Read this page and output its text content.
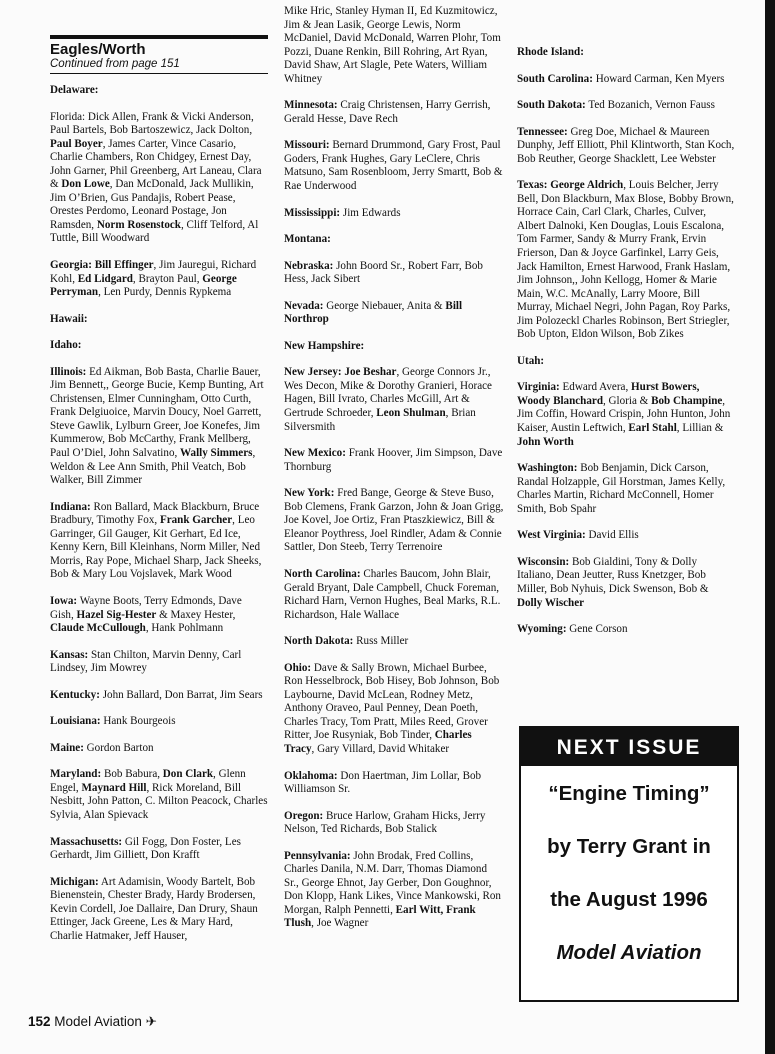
Eagles/Worth
Continued from page 151
Delaware:
Florida: Dick Allen, Frank & Vicki Anderson, Paul Bartels, Bob Bartoszewicz, Jack Dolton, Paul Boyer, James Carter, Vince Casario, Charlie Chambers, Ron Chidgey, Ernest Day, John Garner, Phil Greenberg, Art Laneau, Clara & Don Lowe, Dan McDonald, Jack Mullikin, Jim O’Brien, Gus Pandajis, Robert Pease, Orestes Perdomo, Leonard Postage, Jon Ramsden, Norm Rosenstock, Cliff Telford, Al Tuttle, Bill Woodward
Georgia: Bill Effinger, Jim Jauregui, Richard Kohl, Ed Lidgard, Brayton Paul, George Perryman, Len Purdy, Dennis Rypkema
Hawaii:
Idaho:
Illinois: Ed Aikman, Bob Basta, Charlie Bauer, Jim Bennett,, George Bucie, Kemp Bunting, Art Christensen, Elmer Cunningham, Otto Curth, Frank Delgiuoice, Marvin Doucy, Noel Garrett, Steve Gawlik, Lylburn Greer, Joe Konefes, Jim Kummerow, Bob McCarthy, Frank Mellberg, Paul O’Diel, John Salvatino, Wally Simmers, Weldon & Lee Ann Smith, Phil Veatch, Bob Walker, Bill Zimmer
Indiana: Ron Ballard, Mack Blackburn, Bruce Bradbury, Timothy Fox, Frank Garcher, Leo Garringer, Gil Gauger, Kit Gerhart, Ed Ice, Kenny Kern, Bill Kleinhans, Norm Miller, Ned Morris, Ray Pope, Michael Sharp, Jack Sheeks, Bob & Mary Lou Vojslavek, Mark Wood
Iowa: Wayne Boots, Terry Edmonds, Dave Gish, Hazel Sig-Hester & Maxey Hester, Claude McCullough, Hank Pohlmann
Kansas: Stan Chilton, Marvin Denny, Carl Lindsey, Jim Mowrey
Kentucky: John Ballard, Don Barrat, Jim Sears
Louisiana: Hank Bourgeois
Maine: Gordon Barton
Maryland: Bob Babura, Don Clark, Glenn Engel, Maynard Hill, Rick Moreland, Bill Nesbitt, John Patton, C. Milton Peacock, Charles Sylvia, Alan Spievack
Massachusetts: Gil Fogg, Don Foster, Les Gerhardt, Jim Gilliett, Don Krafft
Michigan: Art Adamisin, Woody Bartelt, Bob Bienenstein, Chester Brady, Hardy Brodersen, Kevin Cordell, Joe Dallaire, Dan Drury, Shaun Ettinger, Jack Greene, Les & Mary Hard, Charlie Hatmaker, Jeff Hauser,
Mike Hric, Stanley Hyman II, Ed Kuzmitowicz, Jim & Jean Lasik, George Lewis, Norm McDaniel, David McDonald, Warren Plohr, Tom Pozzi, Duane Renkin, Bill Rohring, Art Ryan, David Shaw, Art Slagle, Pete Waters, William Whitney
Minnesota: Craig Christensen, Harry Gerrish, Gerald Hesse, Dave Rech
Missouri: Bernard Drummond, Gary Frost, Paul Goders, Frank Hughes, Gary LeClere, Chris Matsuno, Sam Rosenbloom, Jerry Smartt, Bob & Rae Underwood
Mississippi: Jim Edwards
Montana:
Nebraska: John Boord Sr., Robert Farr, Bob Hess, Jack Sibert
Nevada: George Niebauer, Anita & Bill Northrop
New Hampshire:
New Jersey: Joe Beshar, George Connors Jr., Wes Decon, Mike & Dorothy Granieri, Horace Hagen, Bill Ivrato, Charles McGill, Art & Gertrude Schroeder, Leon Shulman, Brian Silversmith
New Mexico: Frank Hoover, Jim Simpson, Dave Thornburg
New York: Fred Bange, George & Steve Buso, Bob Clemens, Frank Garzon, John & Joan Grigg, Joe Kovel, Joe Ortiz, Fran Ptaszkiewicz, Bill & Eleanor Poythress, Joel Rindler, Adam & Connie Sattler, Don Steeb, Terry Terrenoire
North Carolina: Charles Baucom, John Blair, Gerald Bryant, Dale Campbell, Chuck Foreman, Richard Harn, Vernon Hughes, Beal Marks, R.L. Richardson, Hale Wallace
North Dakota: Russ Miller
Ohio: Dave & Sally Brown, Michael Burbee, Ron Hesselbrock, Bob Hisey, Bob Johnson, Bob Laybourne, David McLean, Rodney Metz, Anthony Oraveo, Paul Penney, Dean Poeth, Charles Tracy, Tom Pratt, Miles Reed, Grover Ritter, Joe Rusyniak, Bob Tinder, Charles Tracy, Gary Villard, David Whitaker
Oklahoma: Don Haertman, Jim Lollar, Bob Williamson Sr.
Oregon: Bruce Harlow, Graham Hicks, Jerry Nelson, Ted Richards, Bob Stalick
Pennsylvania: John Brodak, Fred Collins, Charles Danila, N.M. Darr, Thomas Diamond Sr., George Ehnot, Jay Gerber, Don Goughnor, Don Klopp, Hank Likes, Vince Mankowski, Ron Morgan, Ralph Pennetti, Earl Witt, Frank Tlush, Joe Wagner
Rhode Island:
South Carolina: Howard Carman, Ken Myers
South Dakota: Ted Bozanich, Vernon Fauss
Tennessee: Greg Doe, Michael & Maureen Dunphy, Jeff Elliott, Phil Klintworth, Stan Koch, Bob Reuther, George Shacklett, Lee Webster
Texas: George Aldrich, Louis Belcher, Jerry Bell, Don Blackburn, Max Blose, Bobby Brown, Horrace Cain, Carl Clark, Charles, Culver, Albert Dalnoki, Ken Douglas, Louis Escalona, Tom Farmer, Sandy & Murry Frank, Ervin Frierson, Dan & Joyce Garfinkel, Larry Geis, Jack Hamilton, Ernest Harwood, Frank Haslam, Jim Johnson,, John Kellogg, Homer & Marie Main, W.C. McAnally, Larry Moore, Bill Murray, Michael Negri, John Pagan, Roy Parks, Jim Polozeckl Charles Robinson, Bert Striegler, Bob Upton, Eldon Wilson, Bob Zikes
Utah:
Virginia: Edward Avera, Hurst Bowers, Woody Blanchard, Gloria & Bob Champine, Jim Coffin, Howard Crispin, John Hunton, John Kaiser, Austin Leftwich, Earl Stahl, Lillian & John Worth
Washington: Bob Benjamin, Dick Carson, Randal Holzapple, Gil Horstman, James Kelly, Charles Martin, Richard McConnell, Homer Smith, Bob Spahr
West Virginia: David Ellis
Wisconsin: Bob Gialdini, Tony & Dolly Italiano, Dean Jeutter, Russ Knetzger, Bob Miller, Bob Nyhuis, Dick Swenson, Bob & Dolly Wischer
Wyoming: Gene Corson
NEXT ISSUE
“Engine Timing”
by Terry Grant in
the August 1996
Model Aviation
152 Model Aviation ✈
